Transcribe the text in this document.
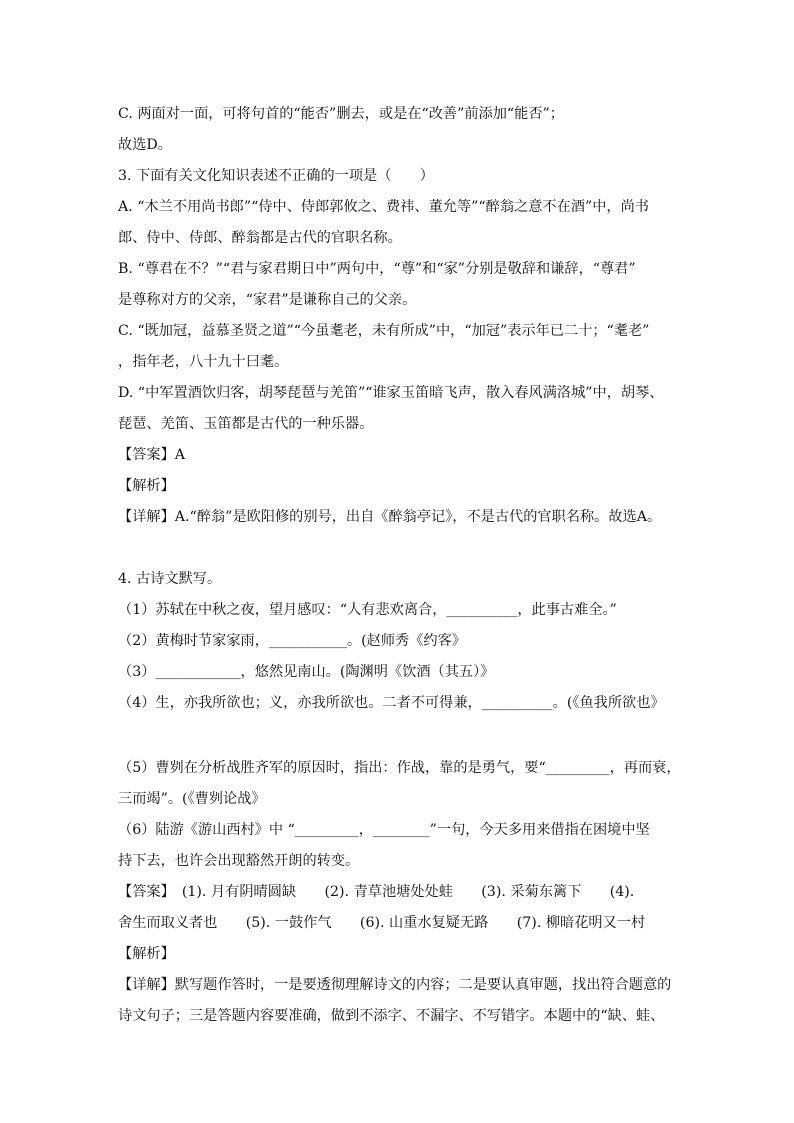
C. 两面对一面，可将句首的“能否”删去，或是在“改善”前添加“能否”；
故选D。
3. 下面有关文化知识表述不正确的一项是（　　）
A. “木兰不用尚书郎”“侍中、侍郎郭攸之、费祎、董允等”“醉翁之意不在酒”中，尚书
郎、侍中、侍郎、醉翁都是古代的官职名称。
B. “尊君在不？”“君与家君期日中”两句中，“尊”和“家”分别是敬辞和谦辞，“尊君”
是尊称对方的父亲，“家君”是谦称自己的父亲。
C. “既加冠，益慕圣贤之道”“今虽耄老，未有所成”中，“加冠”表示年已二十；“耄老”
，指年老，八十九十曰耄。
D. “中军置酒饮归客，胡琴琵琶与羌笛”“谁家玉笛暗飞声，散入春风满洛城”中，胡琴、
琵琶、羌笛、玉笛都是古代的一种乐器。
【答案】A
【解析】
【详解】A.“醉翁”是欧阳修的别号，出自《醉翁亭记》，不是古代的官职名称。故选A。
4. 古诗文默写。
（1）苏轼在中秋之夜，望月感叹：“人有悲欢离合，__________，此事古难全。”
（2）黄梅时节家家雨，___________。(赵师秀《约客》
（3）____________，悠然见南山。(陶渊明《饮酒（其五）》
（4）生，亦我所欲也；义，亦我所欲也。二者不可得兼，__________。(《鱼我所欲也》
（5）曹刿在分析战胜齐军的原因时，指出：作战，靠的是勇气，要“_________，再而衰，
三而竭”。(《曹刿论战》
（6）陆游《游山西村》中 “_________，________”一句，今天多用来借指在困境中坚
持下去，也许会出现豁然开朗的转变。
【答案】　(1). 月有阴晴圆缺　　(2). 青草池塘处处蛙　　(3). 采菊东篱下　　(4).
舍生而取义者也　　(5). 一鼓作气　　(6). 山重水复疑无路　　(7). 柳暗花明又一村
【解析】
【详解】默写题作答时，一是要透彻理解诗文的内容；二是要认真审题，找出符合题意的
诗文句子；三是答题内容要准确，做到不添字、不漏字、不写错字。本题中的“缺、蛙、
